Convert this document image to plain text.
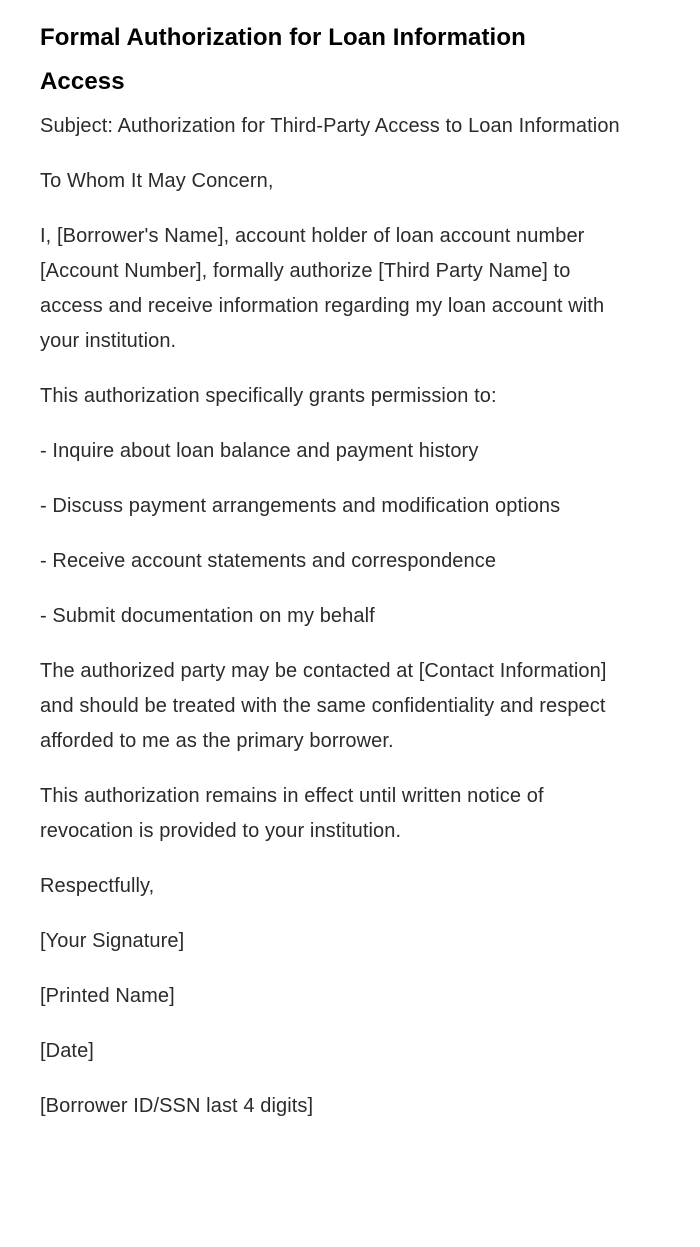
Formal Authorization for Loan Information Access

Subject: Authorization for Third-Party Access to Loan Information

To Whom It May Concern,

I, [Borrower's Name], account holder of loan account number [Account Number], formally authorize [Third Party Name] to access and receive information regarding my loan account with your institution.

This authorization specifically grants permission to:

- Inquire about loan balance and payment history

- Discuss payment arrangements and modification options

- Receive account statements and correspondence

- Submit documentation on my behalf

The authorized party may be contacted at [Contact Information] and should be treated with the same confidentiality and respect afforded to me as the primary borrower.

This authorization remains in effect until written notice of revocation is provided to your institution.

Respectfully,

[Your Signature]

[Printed Name]

[Date]

[Borrower ID/SSN last 4 digits]
